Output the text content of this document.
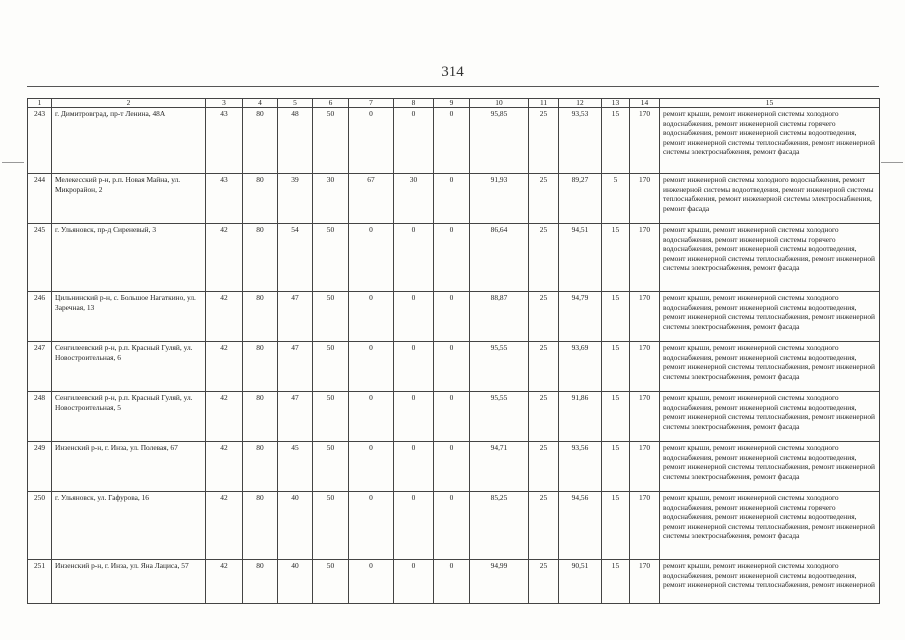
314
1	2	3	4	5	6	7	8	9	10	11	12	13	14	15
243	г. Димитровград, пр-т Ленина, 48А	43	80	48	50	0	0	0	95,85	25	93,53	15	170	ремонт крыши, ремонт инженерной системы холодного водоснабжения, ремонт инженерной системы горячего водоснабжения, ремонт инженерной системы водоотведения, ремонт инженерной системы теплоснабжения, ремонт инженерной системы электроснабжения, ремонт фасада
244	Мелекесский р-н, р.п. Новая Майна, ул. Микрорайон, 2	43	80	39	30	67	30	0	91,93	25	89,27	5	170	ремонт инженерной системы холодного водоснабжения, ремонт инженерной системы водоотведения, ремонт инженерной системы теплоснабжения, ремонт инженерной системы электроснабжения, ремонт фасада
245	г. Ульяновск, пр-д Сиреневый, 3	42	80	54	50	0	0	0	86,64	25	94,51	15	170	ремонт крыши, ремонт инженерной системы холодного водоснабжения, ремонт инженерной системы горячего водоснабжения, ремонт инженерной системы водоотведения, ремонт инженерной системы теплоснабжения, ремонт инженерной системы электроснабжения, ремонт фасада
246	Цильнинский р-н, с. Большое Нагаткино, ул. Заречная, 13	42	80	47	50	0	0	0	88,87	25	94,79	15	170	ремонт крыши, ремонт инженерной системы холодного водоснабжения, ремонт инженерной системы водоотведения, ремонт инженерной системы теплоснабжения, ремонт инженерной системы электроснабжения, ремонт фасада
247	Сенгилеевский р-н, р.п. Красный Гуляй, ул. Новостроительная, 6	42	80	47	50	0	0	0	95,55	25	93,69	15	170	ремонт крыши, ремонт инженерной системы холодного водоснабжения, ремонт инженерной системы водоотведения, ремонт инженерной системы теплоснабжения, ремонт инженерной системы электроснабжения, ремонт фасада
248	Сенгилеевский р-н, р.п. Красный Гуляй, ул. Новостроительная, 5	42	80	47	50	0	0	0	95,55	25	91,86	15	170	ремонт крыши, ремонт инженерной системы холодного водоснабжения, ремонт инженерной системы водоотведения, ремонт инженерной системы теплоснабжения, ремонт инженерной системы электроснабжения, ремонт фасада
249	Инзенский р-н, г. Инза, ул. Полевая, 67	42	80	45	50	0	0	0	94,71	25	93,56	15	170	ремонт крыши, ремонт инженерной системы холодного водоснабжения, ремонт инженерной системы водоотведения, ремонт инженерной системы теплоснабжения, ремонт инженерной системы электроснабжения, ремонт фасада
250	г. Ульяновск, ул. Гафурова, 16	42	80	40	50	0	0	0	85,25	25	94,56	15	170	ремонт крыши, ремонт инженерной системы холодного водоснабжения, ремонт инженерной системы горячего водоснабжения, ремонт инженерной системы водоотведения, ремонт инженерной системы теплоснабжения, ремонт инженерной системы электроснабжения, ремонт фасада
251	Инзенский р-н, г. Инза, ул. Яна Лациса, 57	42	80	40	50	0	0	0	94,99	25	90,51	15	170	ремонт крыши, ремонт инженерной системы холодного водоснабжения, ремонт инженерной системы водоотведения, ремонт инженерной системы теплоснабжения, ремонт инженерной
